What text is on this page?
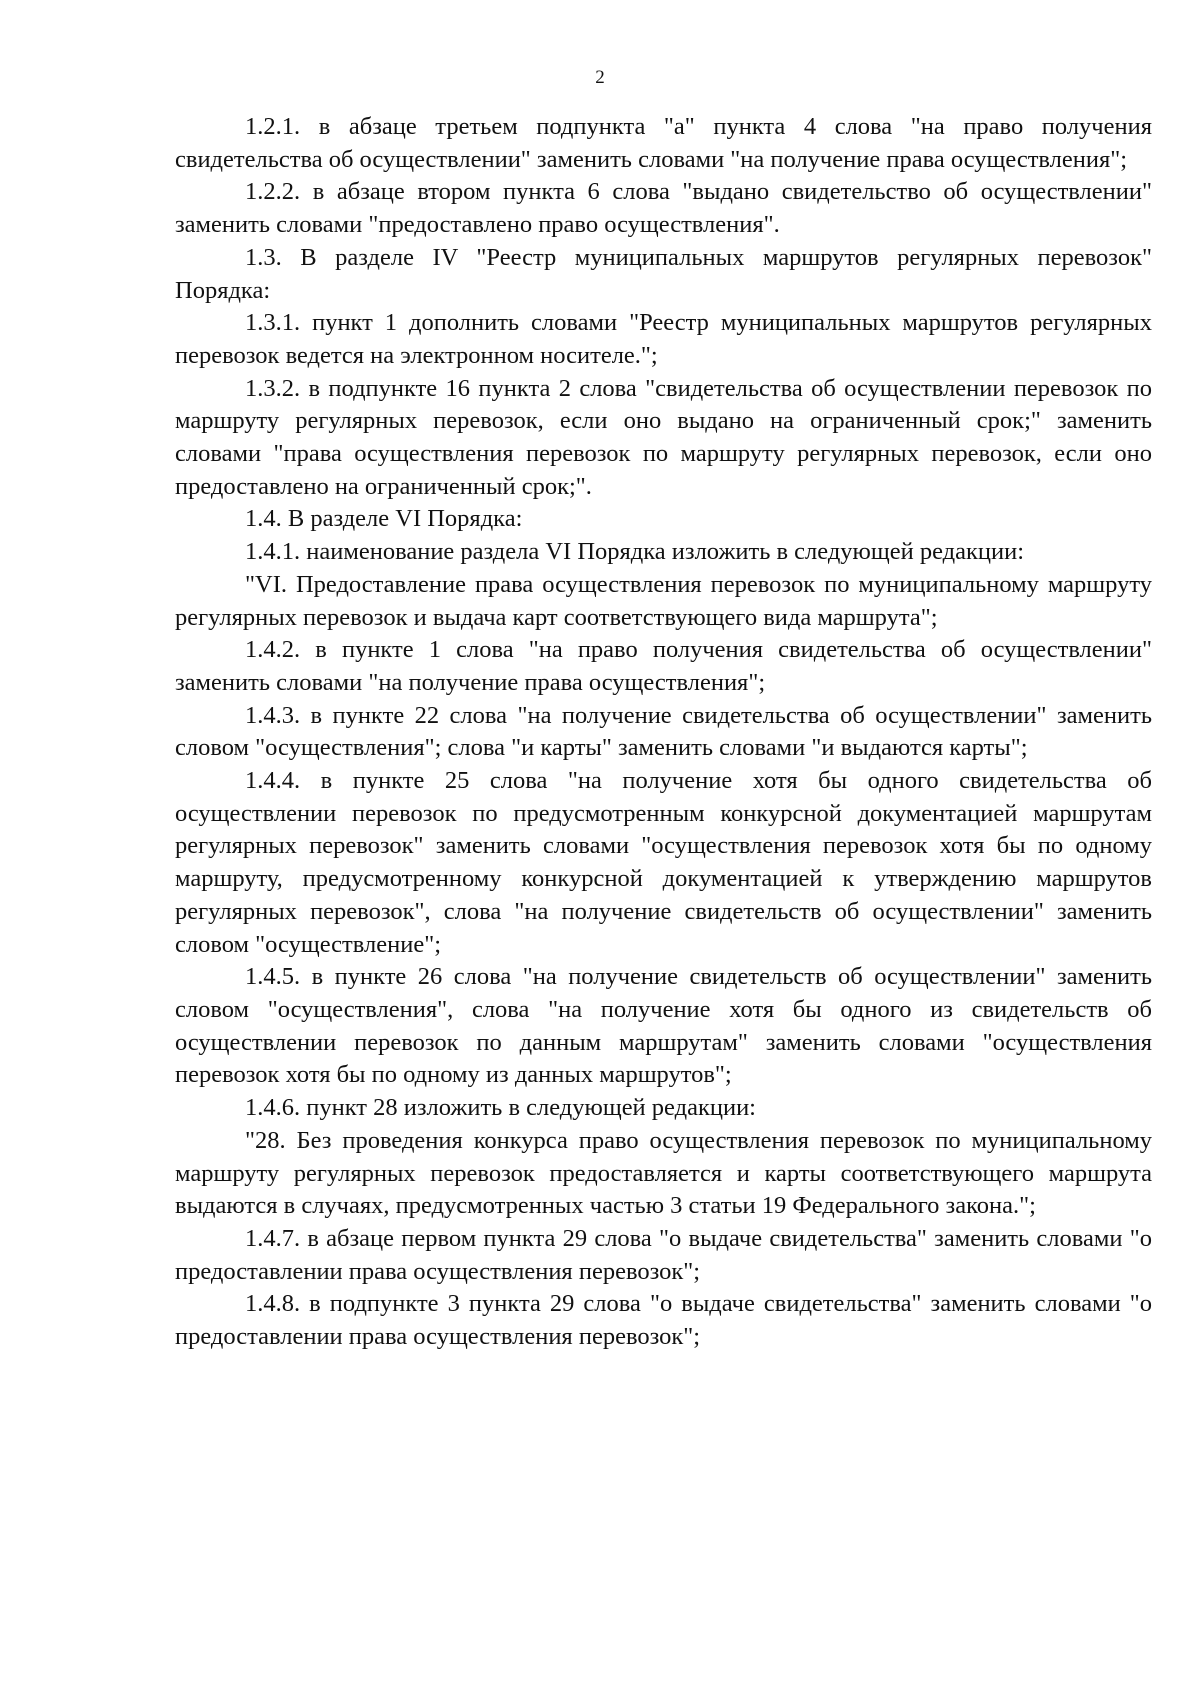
2

1.2.1. в абзаце третьем подпункта "а" пункта 4 слова "на право получения свидетельства об осуществлении" заменить словами "на получение права осуществления";

1.2.2. в абзаце втором пункта 6 слова "выдано свидетельство об осуществлении" заменить словами "предоставлено право осуществления".

1.3. В разделе IV "Реестр муниципальных маршрутов регулярных перевозок" Порядка:

1.3.1. пункт 1 дополнить словами "Реестр муниципальных маршрутов регулярных перевозок ведется на электронном носителе.";

1.3.2. в подпункте 16 пункта 2 слова "свидетельства об осуществлении перевозок по маршруту регулярных перевозок, если оно выдано на ограниченный срок;" заменить словами "права осуществления перевозок по маршруту регулярных перевозок, если оно предоставлено на ограниченный срок;".

1.4. В разделе VI Порядка:

1.4.1. наименование раздела VI Порядка изложить в следующей редакции:

"VI. Предоставление права осуществления перевозок по муниципальному маршруту регулярных перевозок и выдача карт соответствующего вида маршрута";

1.4.2. в пункте 1 слова "на право получения свидетельства об осуществлении" заменить словами "на получение права осуществления";

1.4.3. в пункте 22 слова "на получение свидетельства об осуществлении" заменить словом "осуществления"; слова "и карты" заменить словами "и выдаются карты";

1.4.4. в пункте 25 слова "на получение хотя бы одного свидетельства об осуществлении перевозок по предусмотренным конкурсной документацией маршрутам регулярных перевозок" заменить словами "осуществления перевозок хотя бы по одному маршруту, предусмотренному конкурсной документацией к утверждению маршрутов регулярных перевозок", слова "на получение свидетельств об осуществлении" заменить словом "осуществление";

1.4.5. в пункте 26 слова "на получение свидетельств об осуществлении" заменить словом "осуществления", слова "на получение хотя бы одного из свидетельств об осуществлении перевозок по данным маршрутам" заменить словами "осуществления перевозок хотя бы по одному из данных маршрутов";

1.4.6. пункт 28 изложить в следующей редакции:

"28. Без проведения конкурса право осуществления перевозок по муниципальному маршруту регулярных перевозок предоставляется и карты соответствующего маршрута выдаются в случаях, предусмотренных частью 3 статьи 19 Федерального закона.";

1.4.7. в абзаце первом пункта 29 слова "о выдаче свидетельства" заменить словами "о предоставлении права осуществления перевозок";

1.4.8. в подпункте 3 пункта 29 слова "о выдаче свидетельства" заменить словами "о предоставлении права осуществления перевозок";
